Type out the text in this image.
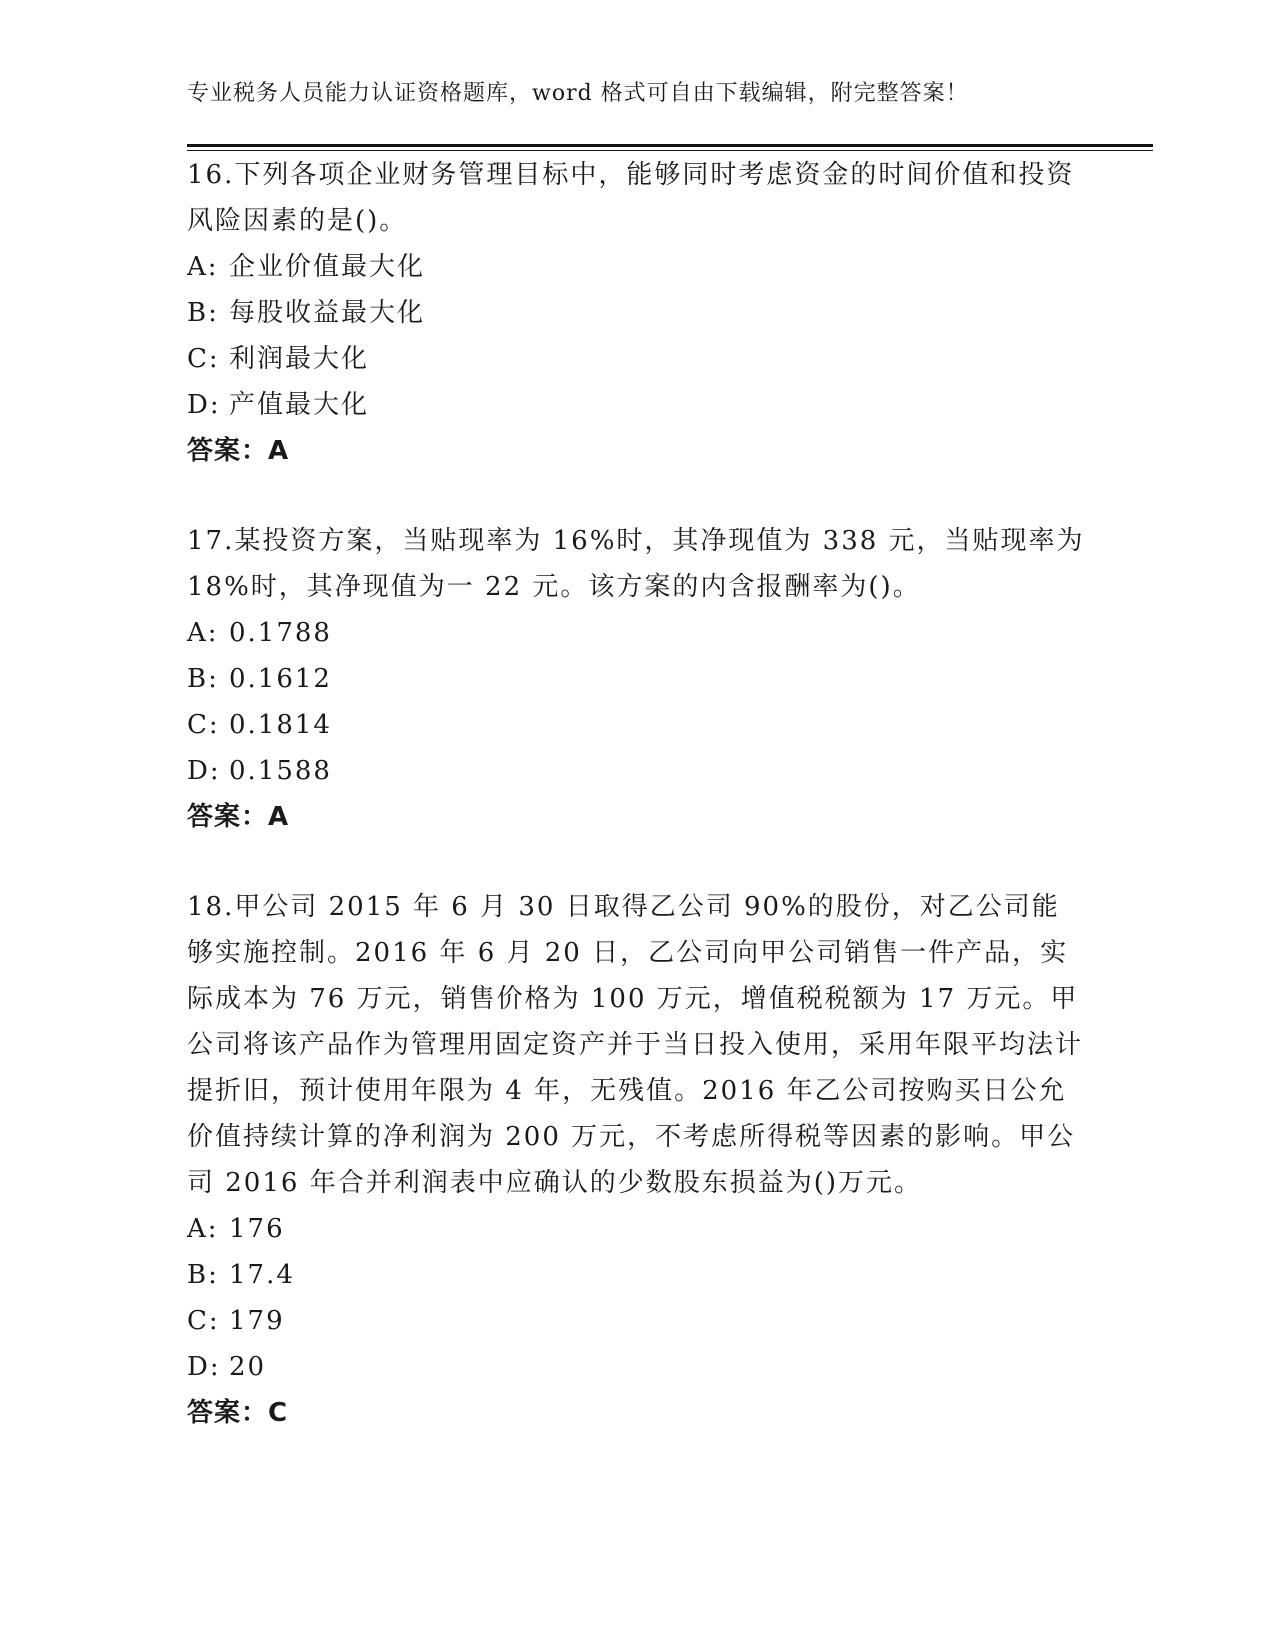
专业税务人员能力认证资格题库，word 格式可自由下载编辑，附完整答案！
16.下列各项企业财务管理目标中，能够同时考虑资金的时间价值和投资风险因素的是()。
A: 企业价值最大化
B: 每股收益最大化
C: 利润最大化
D: 产值最大化
答案：A
17.某投资方案，当贴现率为 16%时，其净现值为 338 元，当贴现率为 18%时，其净现值为一 22 元。该方案的内含报酬率为()。
A: 0.1788
B: 0.1612
C: 0.1814
D: 0.1588
答案：A
18.甲公司 2015 年 6 月 30 日取得乙公司 90%的股份，对乙公司能够实施控制。2016 年 6 月 20 日，乙公司向甲公司销售一件产品，实际成本为 76 万元，销售价格为 100 万元，增值税税额为 17 万元。甲公司将该产品作为管理用固定资产并于当日投入使用，采用年限平均法计提折旧，预计使用年限为 4 年，无残值。2016 年乙公司按购买日公允价值持续计算的净利润为 200 万元，不考虑所得税等因素的影响。甲公司 2016 年合并利润表中应确认的少数股东损益为()万元。
A: 176
B: 17.4
C: 179
D: 20
答案：C
